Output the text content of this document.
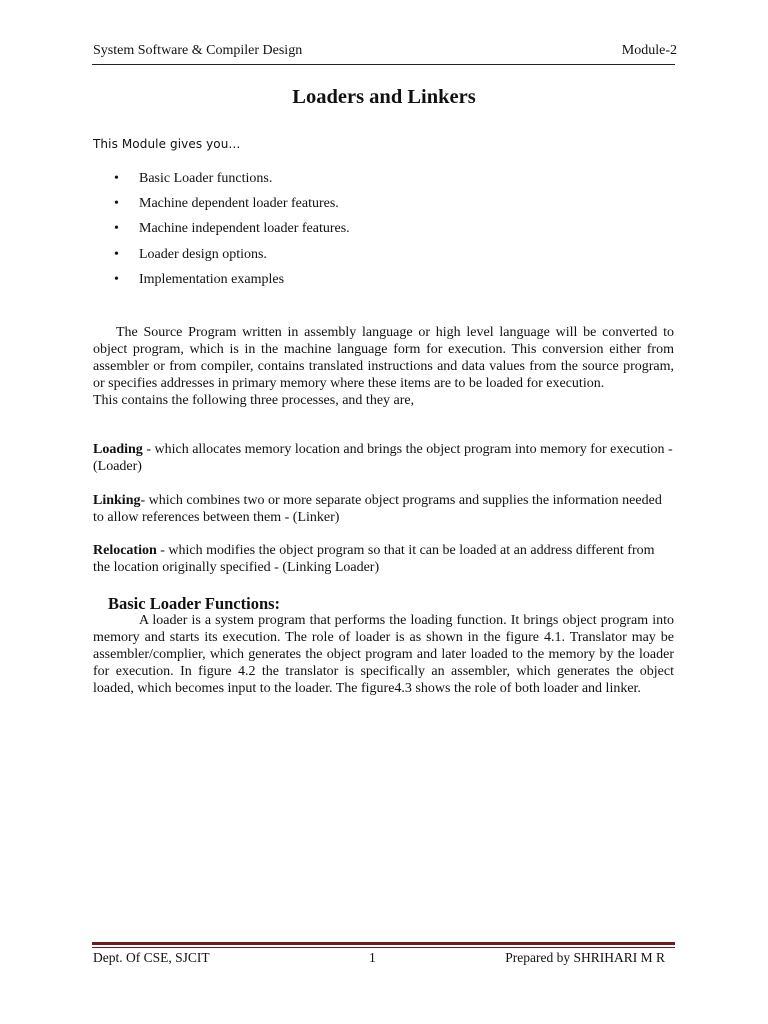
System Software & Compiler Design	Module-2
Loaders and Linkers
This Module gives you…
• Basic Loader functions.
• Machine dependent loader features.
• Machine independent loader features.
• Loader design options.
• Implementation examples
The Source Program written in assembly language or high level language will be converted to object program, which is in the machine language form for execution. This conversion either from assembler or from compiler, contains translated instructions and data values from the source program, or specifies addresses in primary memory where these items are to be loaded for execution.
This contains the following three processes, and they are,
Loading - which allocates memory location and brings the object program into memory for execution - (Loader)
Linking- which combines two or more separate object programs and supplies the information needed to allow references between them - (Linker)
Relocation - which modifies the object program so that it can be loaded at an address different from the location originally specified - (Linking Loader)
Basic Loader Functions:
A loader is a system program that performs the loading function. It brings object program into memory and starts its execution. The role of loader is as shown in the figure 4.1. Translator may be assembler/complier, which generates the object program and later loaded to the memory by the loader for execution. In figure 4.2 the translator is specifically an assembler, which generates the object loaded, which becomes input to the loader. The figure4.3 shows the role of both loader and linker.
Dept. Of CSE, SJCIT	1	Prepared by SHRIHARI M R
